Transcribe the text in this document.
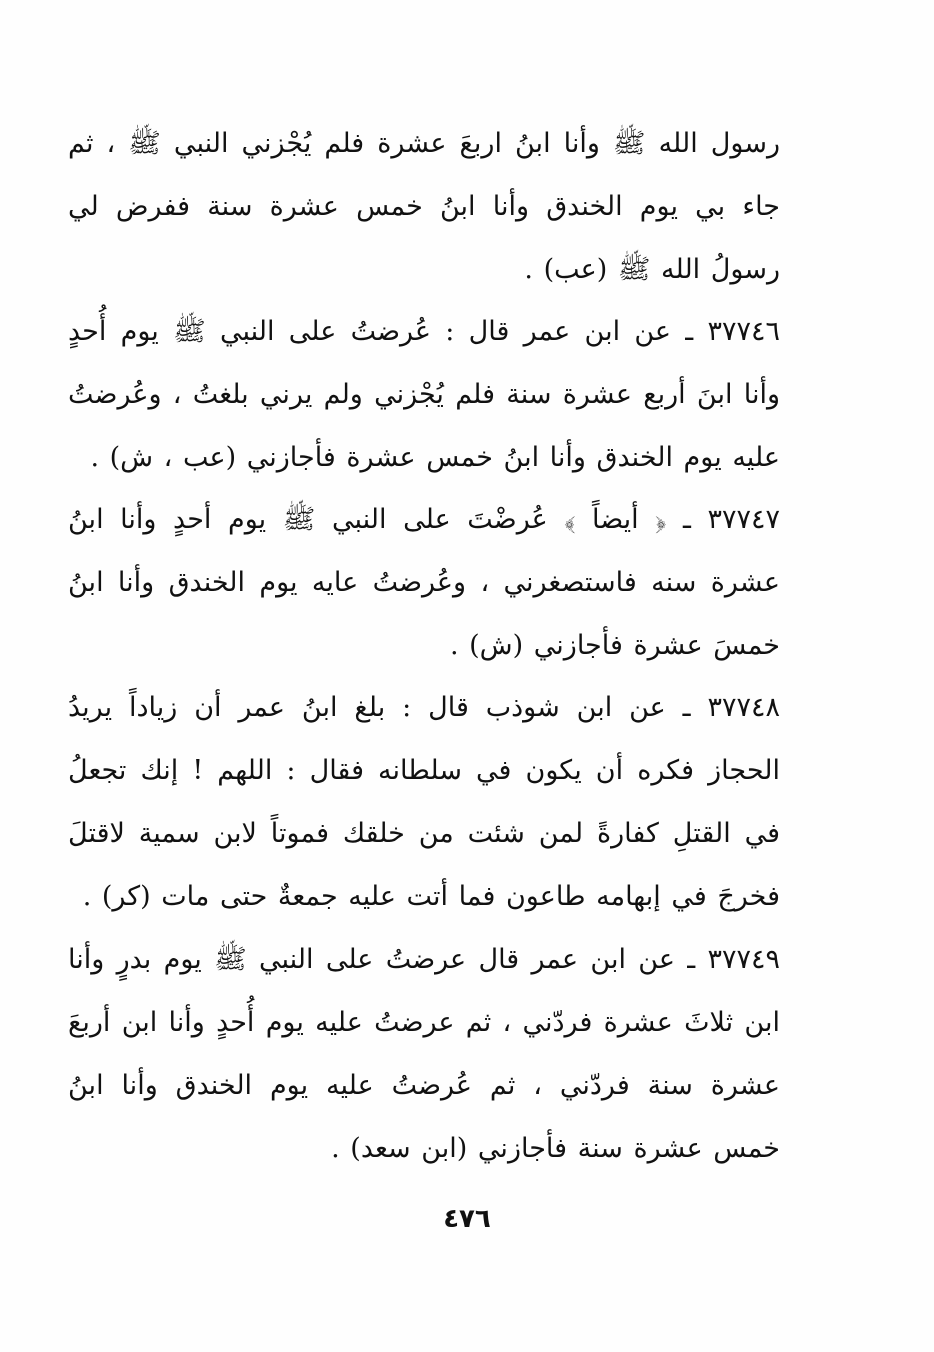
رسول الله ﷺ وأنا ابنُ اربعَ عشرة فلم يُجْزني النبي ﷺ ، ثم جاء بي يوم الخندق وأنا ابنُ خمس عشرة سنة ففرض لي رسولُ الله ﷺ (عب) .

٣٧٧٤٦ ـ عن ابن عمر قال : عُرضتُ على النبي ﷺ يوم أُحدٍ وأنا ابنَ أربع عشرة سنة فلم يُجْزني ولم يرني بلغتُ ، وعُرضتُ عليه يوم الخندق وأنا ابنُ خمس عشرة فأجازني (عب ، ش) .

٣٧٧٤٧ ـ ﴿ أيضاً ﴾ عُرضْتَ على النبي ﷺ يوم أحدٍ وأنا ابنُ عشرة سنه فاستصغرني ، وعُرضتُ عايه يوم الخندق وأنا ابنُ خمسَ عشرة فأجازني (ش) .

٣٧٧٤٨ ـ عن ابن شوذب قال : بلغ ابنُ عمر أن زياداً يريدُ الحجاز فكره أن يكون في سلطانه فقال : اللهم ! إنك تجعلُ في القتلِ كفارةً لمن شئت من خلقك فموتاً لابن سمية لاقتلَ فخرجَ في إبهامه طاعون فما أتت عليه جمعةٌ حتى مات (كر) .

٣٧٧٤٩ ـ عن ابن عمر قال عرضتُ على النبي ﷺ يوم بدرٍ وأنا ابن ثلاثَ عشرة فردّني ، ثم عرضتُ عليه يوم أُحدٍ وأنا ابن أربعَ عشرة سنة فردّني ، ثم عُرضتُ عليه يوم الخندق وأنا ابنُ خمس عشرة سنة فأجازني (ابن سعد) .

٤٧٦
